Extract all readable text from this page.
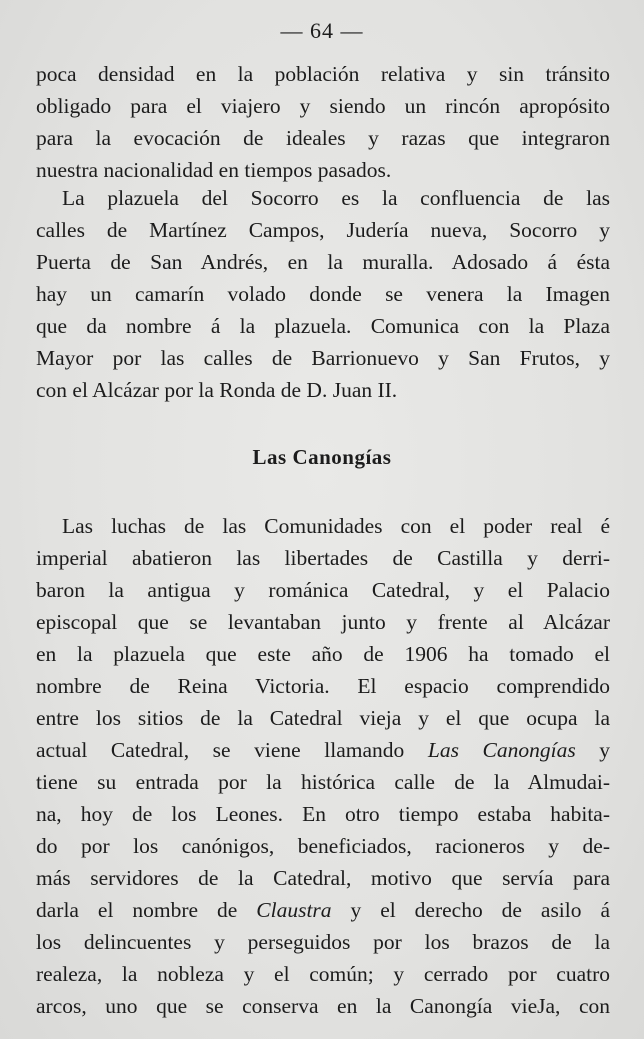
— 64 —

poca densidad en la población relativa y sin tránsito
obligado para el viajero y siendo un rincón apropósito
para la evocación de ideales y razas que integraron
nuestra nacionalidad en tiempos pasados.

La plazuela del Socorro es la confluencia de las
calles de Martínez Campos, Judería nueva, Socorro y
Puerta de San Andrés, en la muralla. Adosado á ésta
hay un camarín volado donde se venera la Imagen
que da nombre á la plazuela. Comunica con la Plaza
Mayor por las calles de Barrionuevo y San Frutos, y
con el Alcázar por la Ronda de D. Juan II.

Las Canongías

Las luchas de las Comunidades con el poder real é
imperial abatieron las libertades de Castilla y derri-
baron la antigua y románica Catedral, y el Palacio
episcopal que se levantaban junto y frente al Alcázar
en la plazuela que este año de 1906 ha tomado el
nombre de Reina Victoria. El espacio comprendido
entre los sitios de la Catedral vieja y el que ocupa la
actual Catedral, se viene llamando Las Canongías y
tiene su entrada por la histórica calle de la Almudai-
na, hoy de los Leones. En otro tiempo estaba habita-
do por los canónigos, beneficiados, racioneros y de-
más servidores de la Catedral, motivo que servía para
darla el nombre de Claustra y el derecho de asilo á
los delincuentes y perseguidos por los brazos de la
realeza, la nobleza y el común; y cerrado por cuatro
arcos, uno que se conserva en la Canongía vieJa, con
